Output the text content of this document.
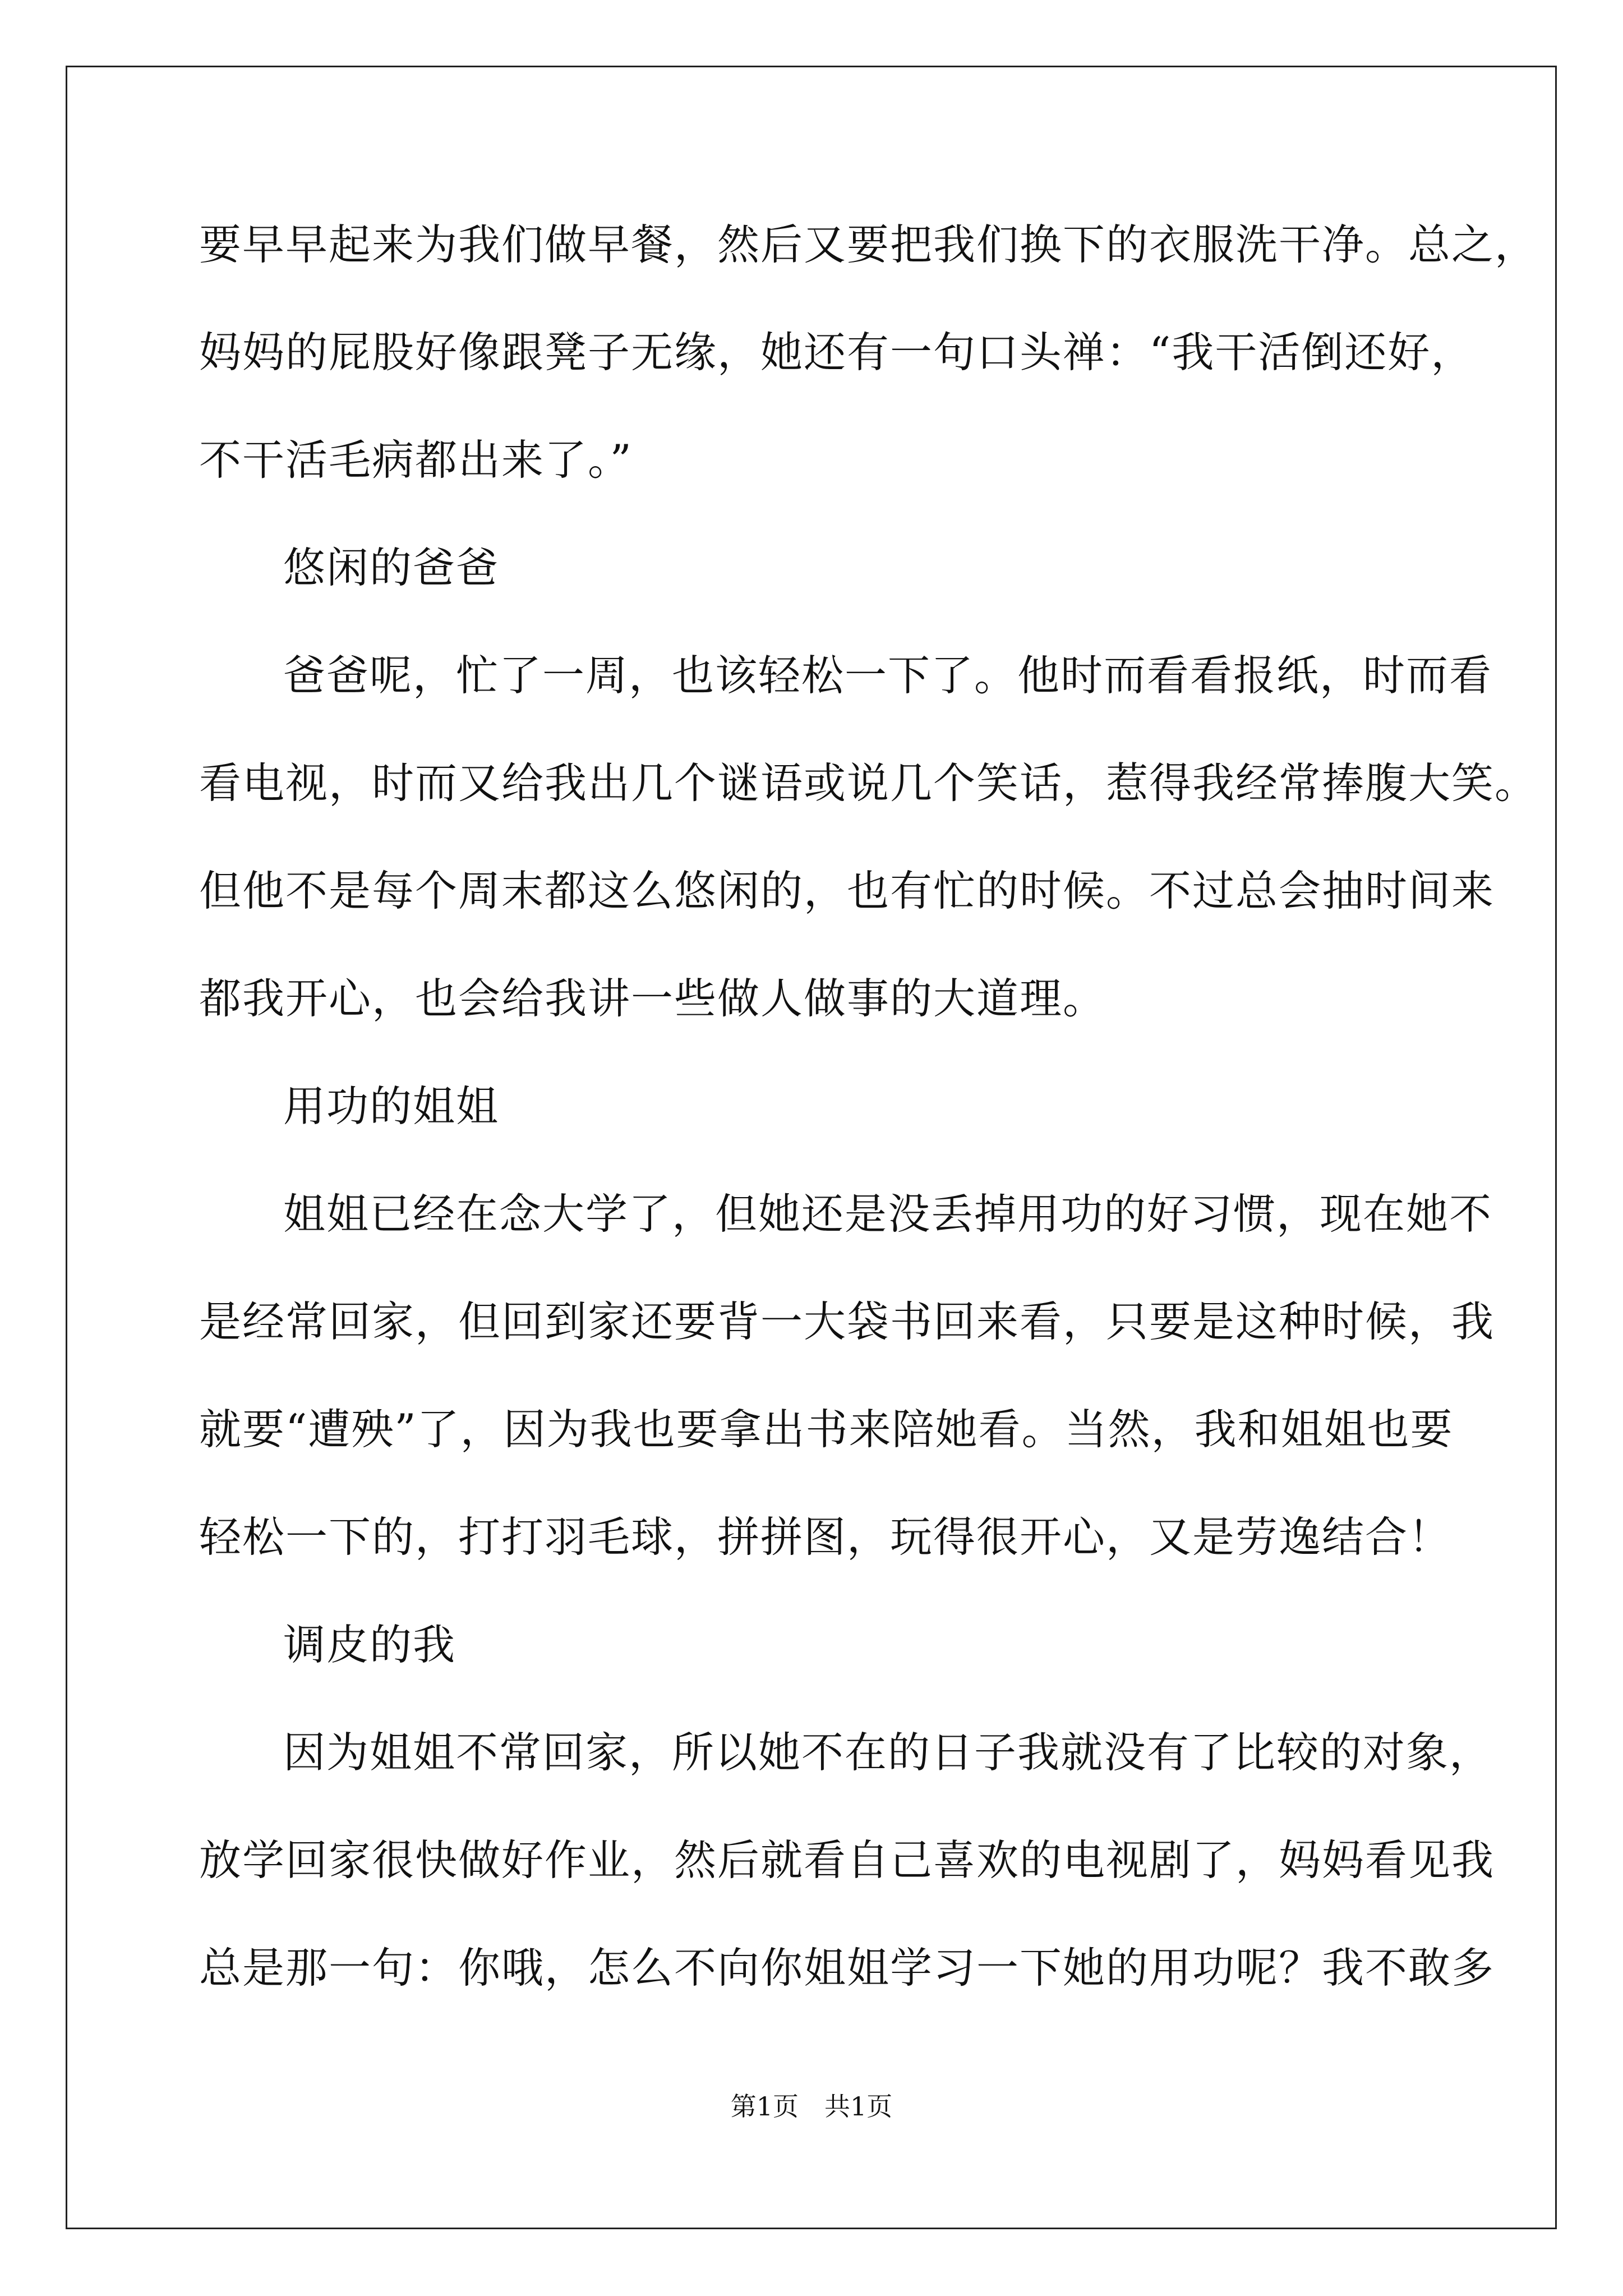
要早早起来为我们做早餐，然后又要把我们换下的衣服洗干净。总之，
妈妈的屁股好像跟凳子无缘，她还有一句口头禅：“我干活倒还好，
不干活毛病都出来了。”
悠闲的爸爸
爸爸呢，忙了一周，也该轻松一下了。他时而看看报纸，时而看
看电视，时而又给我出几个谜语或说几个笑话，惹得我经常捧腹大笑。
但他不是每个周末都这么悠闲的，也有忙的时候。不过总会抽时间来
都我开心，也会给我讲一些做人做事的大道理。
用功的姐姐
姐姐已经在念大学了，但她还是没丢掉用功的好习惯，现在她不
是经常回家，但回到家还要背一大袋书回来看，只要是这种时候，我
就要“遭殃”了，因为我也要拿出书来陪她看。当然，我和姐姐也要
轻松一下的，打打羽毛球，拼拼图，玩得很开心，又是劳逸结合！
调皮的我
因为姐姐不常回家，所以她不在的日子我就没有了比较的对象，
放学回家很快做好作业，然后就看自己喜欢的电视剧了，妈妈看见我
总是那一句：你哦，怎么不向你姐姐学习一下她的用功呢？我不敢多

第1页 共1页
